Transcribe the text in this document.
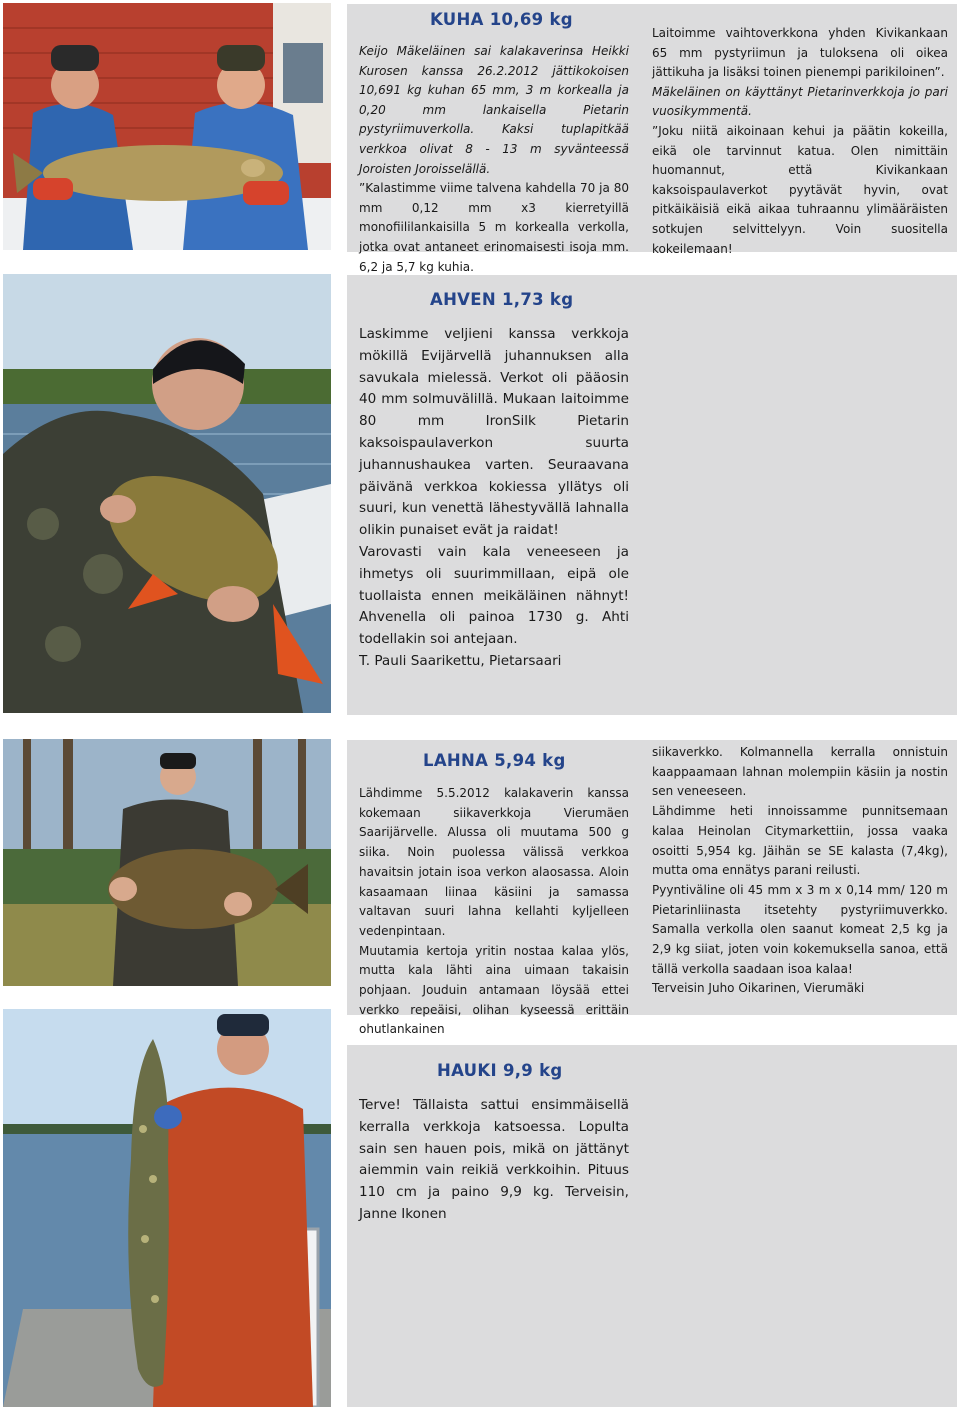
KUHA 10,69 kg

Keijo Mäkeläinen sai kalakaverinsa Heikki Kurosen kanssa 26.2.2012 jättikokoisen 10,691 kg kuhan 65 mm, 3 m korkealla ja 0,20 mm lankaisella Pietarin pystyriimuverkolla. Kaksi tuplapitkää verkkoa olivat 8 - 13 m syvänteessä Joroisten Joroisselällä.

”Kalastimme viime talvena kahdella 70 ja 80 mm 0,12 mm x3 kierretyillä monofiililankaisilla 5 m korkealla verkolla, jotka ovat antaneet erinomaisesti isoja mm. 6,2 ja 5,7 kg kuhia.

Laitoimme vaihtoverkkona yhden Kivikankaan 65 mm pystyriimun ja tuloksena oli oikea jättikuha ja lisäksi toinen pienempi parikiloinen”.

Mäkeläinen on käyttänyt Pietarinverkkoja jo pari vuosikymmentä.

”Joku niitä aikoinaan kehui ja päätin kokeilla, eikä ole tarvinnut katua. Olen nimittäin huomannut, että Kivikankaan kaksoispaulaverkot pyytävät hyvin, ovat pitkäikäisiä eikä aikaa tuhraannu ylimääräisten sotkujen selvittelyyn. Voin suositella kokeilemaan!

AHVEN 1,73 kg

Laskimme veljieni kanssa verkkoja mökillä Evijärvellä juhannuksen alla savukala mielessä. Verkot oli pääosin 40 mm solmuvälillä. Mukaan laitoimme 80 mm IronSilk Pietarin kaksoispaulaverkon suurta juhannushaukea varten. Seuraavana päivänä verkkoa kokiessa yllätys oli suuri, kun venettä lähestyvällä lahnalla olikin punaiset evät ja raidat!

Varovasti vain kala veneeseen ja ihmetys oli suurimmillaan, eipä ole tuollaista ennen meikäläinen nähnyt! Ahvenella oli painoa 1730 g. Ahti todellakin soi antejaan.

T. Pauli Saarikettu, Pietarsaari

LAHNA 5,94 kg

Lähdimme 5.5.2012 kalakaverin kanssa kokemaan siikaverkkoja Vierumäen Saarijärvelle. Alussa oli muutama 500 g siika. Noin puolessa välissä verkkoa havaitsin jotain isoa verkon alaosassa. Aloin kasaamaan liinaa käsiini ja samassa valtavan suuri lahna kellahti kyljelleen vedenpintaan.

Muutamia kertoja yritin nostaa kalaa ylös, mutta kala lähti aina uimaan takaisin pohjaan. Jouduin antamaan löysää ettei verkko repeäisi, olihan kyseessä erittäin ohutlankainen

siikaverkko. Kolmannella kerralla onnistuin kaappaamaan lahnan molempiin käsiin ja nostin sen veneeseen.

Lähdimme heti innoissamme punnitsemaan kalaa Heinolan Citymarkettiin, jossa vaaka osoitti 5,954 kg. Jäihän se SE kalasta (7,4kg), mutta oma ennätys parani reilusti.

Pyyntiväline oli 45 mm x 3 m x 0,14 mm/ 120 m Pietarinliinasta itsetehty pystyriimuverkko. Samalla verkolla olen saanut komeat 2,5 kg ja 2,9 kg siiat, joten voin kokemuksella sanoa, että tällä verkolla saadaan isoa kalaa!

Terveisin Juho Oikarinen, Vierumäki

HAUKI 9,9 kg

Terve! Tällaista sattui ensimmäisellä kerralla verkkoja katsoessa. Lopulta sain sen hauen pois, mikä on jättänyt aiemmin vain reikiä verkkoihin. Pituus 110 cm ja paino 9,9 kg. Terveisin, Janne Ikonen
